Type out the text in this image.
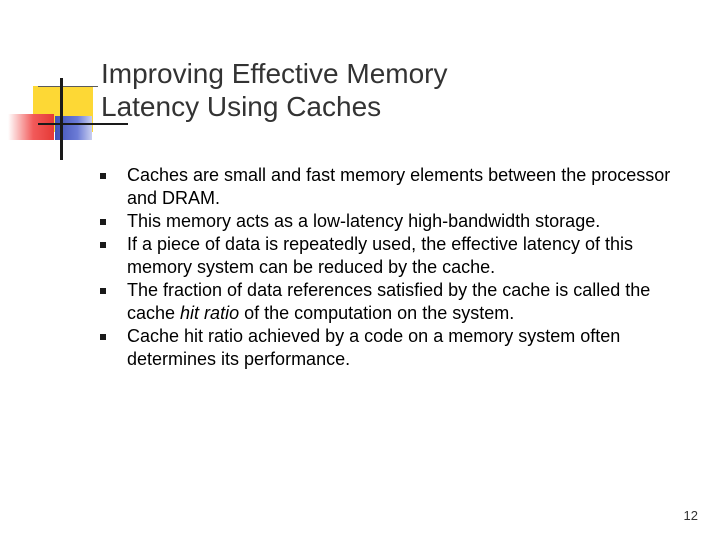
Improving Effective Memory
Latency Using Caches
Caches are small and fast memory elements between the processor and DRAM.
This memory acts as a low-latency high-bandwidth storage.
If a piece of data is repeatedly used, the effective latency of this memory system can be reduced by the cache.
The fraction of data references satisfied by the cache is called the cache hit ratio of the computation on the system.
Cache hit ratio achieved by a code on a memory system often determines its performance.
12
